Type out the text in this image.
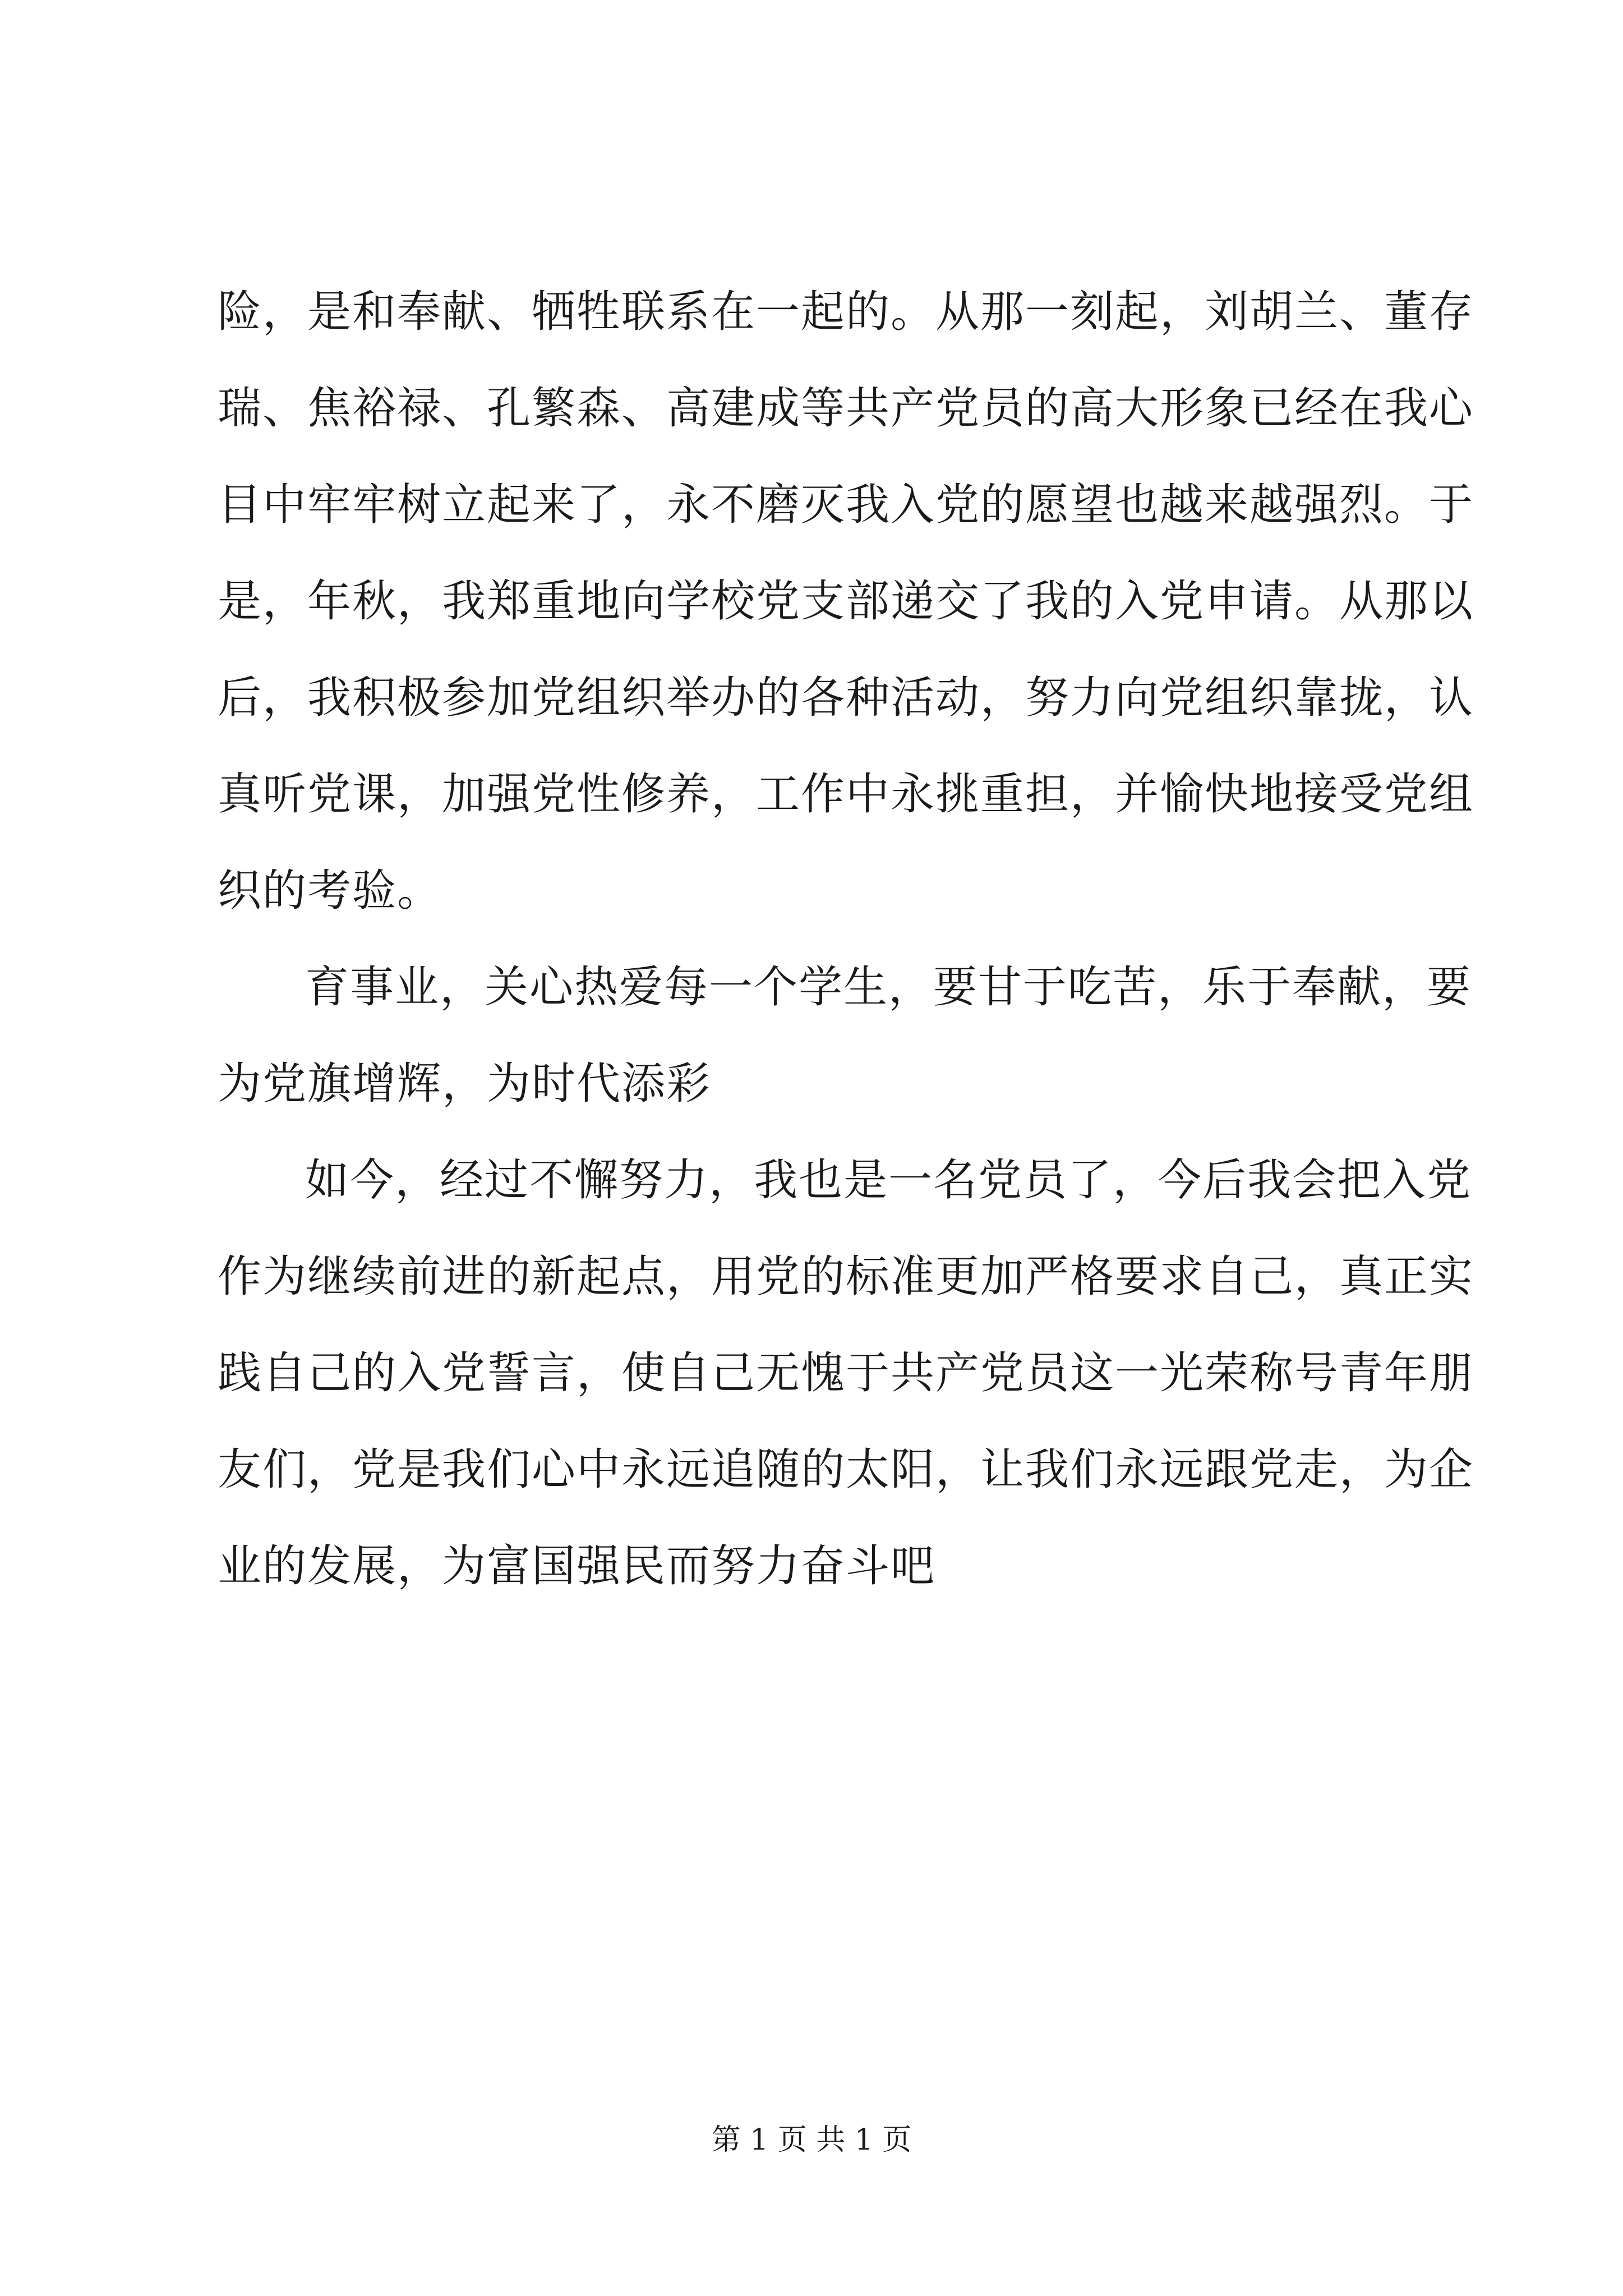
险，是和奉献、牺牲联系在一起的。从那一刻起，刘胡兰、董存
瑞、焦裕禄、孔繁森、高建成等共产党员的高大形象已经在我心
目中牢牢树立起来了，永不磨灭我入党的愿望也越来越强烈。于
是，年秋，我郑重地向学校党支部递交了我的入党申请。从那以
后，我积极参加党组织举办的各种活动，努力向党组织靠拢，认
真听党课，加强党性修养，工作中永挑重担，并愉快地接受党组
织的考验。
育事业，关心热爱每一个学生，要甘于吃苦，乐于奉献，要
为党旗增辉，为时代添彩
如今，经过不懈努力，我也是一名党员了，今后我会把入党
作为继续前进的新起点，用党的标准更加严格要求自己，真正实
践自己的入党誓言，使自己无愧于共产党员这一光荣称号青年朋
友们，党是我们心中永远追随的太阳，让我们永远跟党走，为企
业的发展，为富国强民而努力奋斗吧
第 1 页 共 1 页
